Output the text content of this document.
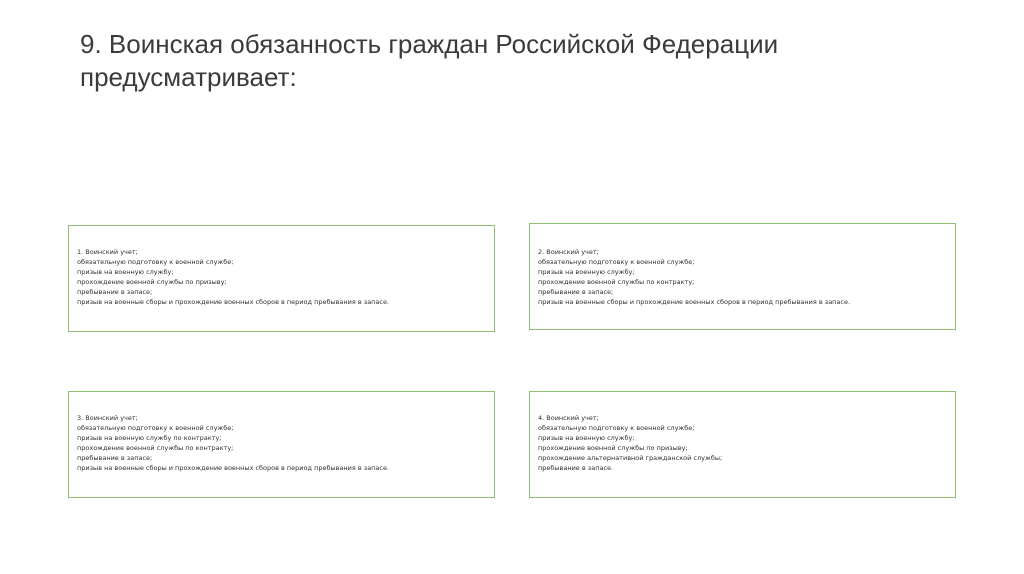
9. Воинская обязанность граждан Российской Федерации предусматривает:
1. Воинский учет;
обязательную подготовку к военной службе;
призыв на военную службу;
прохождение военной службы по призыву;
пребывание в запасе;
призыв на военные сборы и прохождение военных сборов в период пребывания в запасе.
2. Воинский учет;
обязательную подготовку к военной службе;
призыв на военную службу;
прохождение военной службы по контракту;
пребывание в запасе;
призыв на военные сборы и прохождение военных сборов в период пребывания в запасе.
3. Воинский учет;
обязательную подготовку к военной службе;
призыв на военную службу по контракту;
прохождение военной службы по контракту;
пребывание в запасе;
призыв на военные сборы и прохождение военных сборов в период пребывания в запасе.
4. Воинский учет;
обязательную подготовку к военной службе;
призыв на военную службу;
прохождение военной службы по призыву;
прохождение альтернативной гражданской службы;
пребывание в запасе.
